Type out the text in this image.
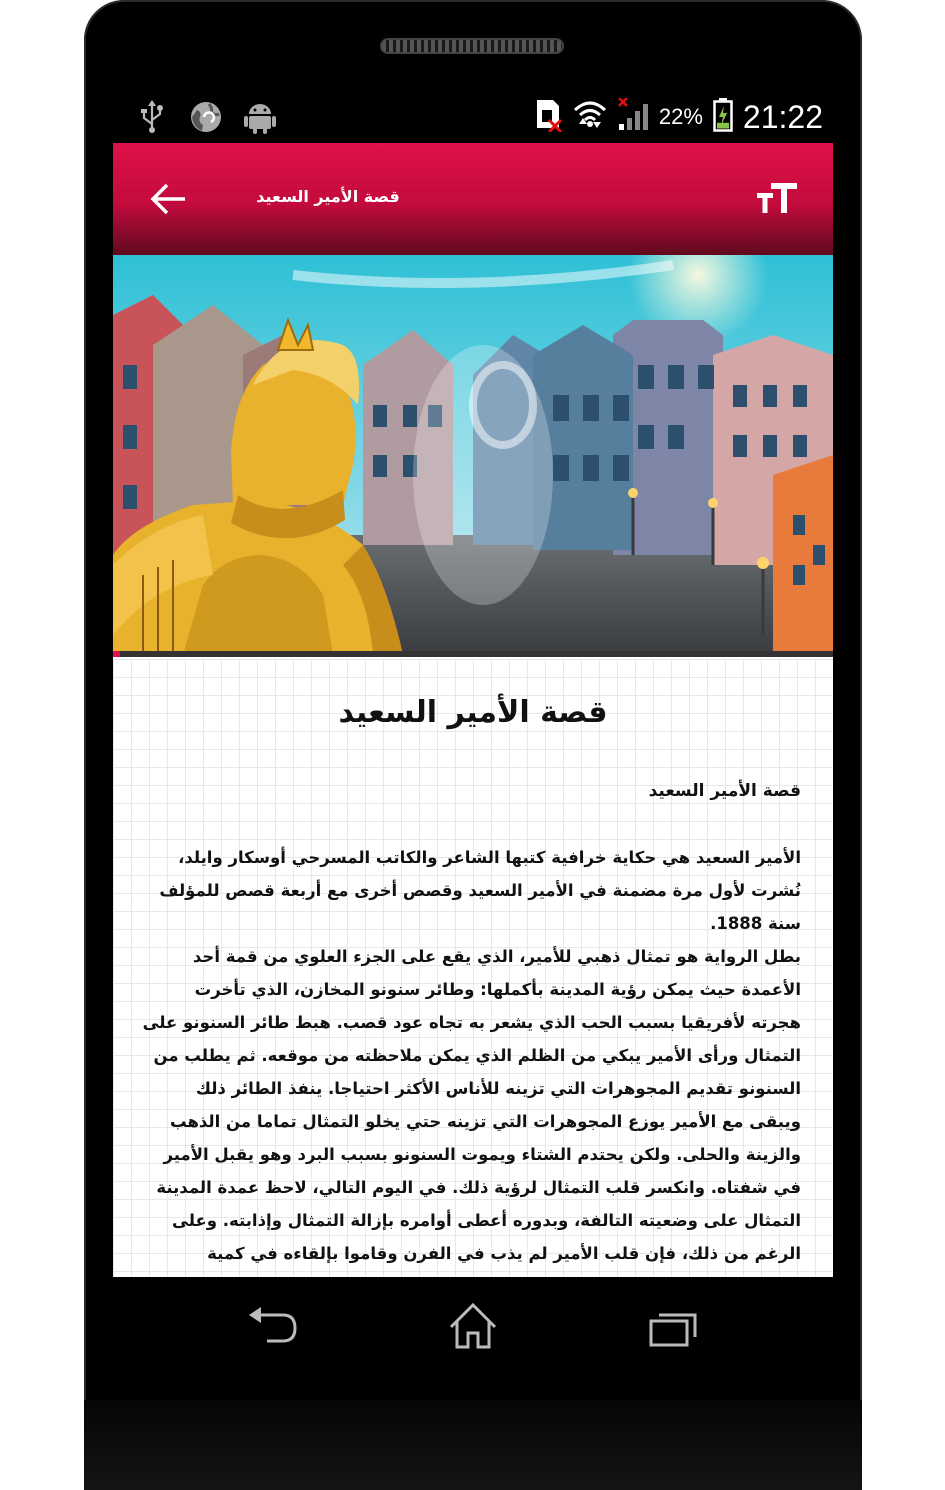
22% 21:22
قصة الأمير السعيد
قصة الأمير السعيد
قصة الأمير السعيد

الأمير السعيد هي حكاية خرافية كتبها الشاعر والكاتب المسرحي أوسكار وايلد، نُشرت لأول مرة مضمنة في الأمير السعيد وقصص أخرى مع أربعة قصص للمؤلف سنة 1888.

بطل الرواية هو تمثال ذهبي للأمير، الذي يقع على الجزء العلوي من قمة أحد الأعمدة حيث يمكن رؤية المدينة بأكملها: وطائر سنونو المخازن، الذي تأخرت هجرته لأفريقيا بسبب الحب الذي يشعر به تجاه عود قصب. هبط طائر السنونو على التمثال ورأى الأمير يبكي من الظلم الذي يمكن ملاحظته من موقعه. ثم يطلب من السنونو تقديم المجوهرات التي تزينه للأناس الأكثر احتياجا. ينفذ الطائر ذلك ويبقى مع الأمير يوزع المجوهرات التي تزينه حتي يخلو التمثال تماما من الذهب والزينة والحلى. ولكن يحتدم الشتاء ويموت السنونو بسبب البرد وهو يقبل الأمير في شفتاه. وانكسر قلب التمثال لرؤية ذلك. في اليوم التالي، لاحظ عمدة المدينة التمثال على وضعيته التالفة، وبدوره أعطى أوامره بإزالة التمثال وإذابته. وعلى الرغم من ذلك، فإن قلب الأمير لم يذب في الفرن وقاموا بإلقاءه في كمية
